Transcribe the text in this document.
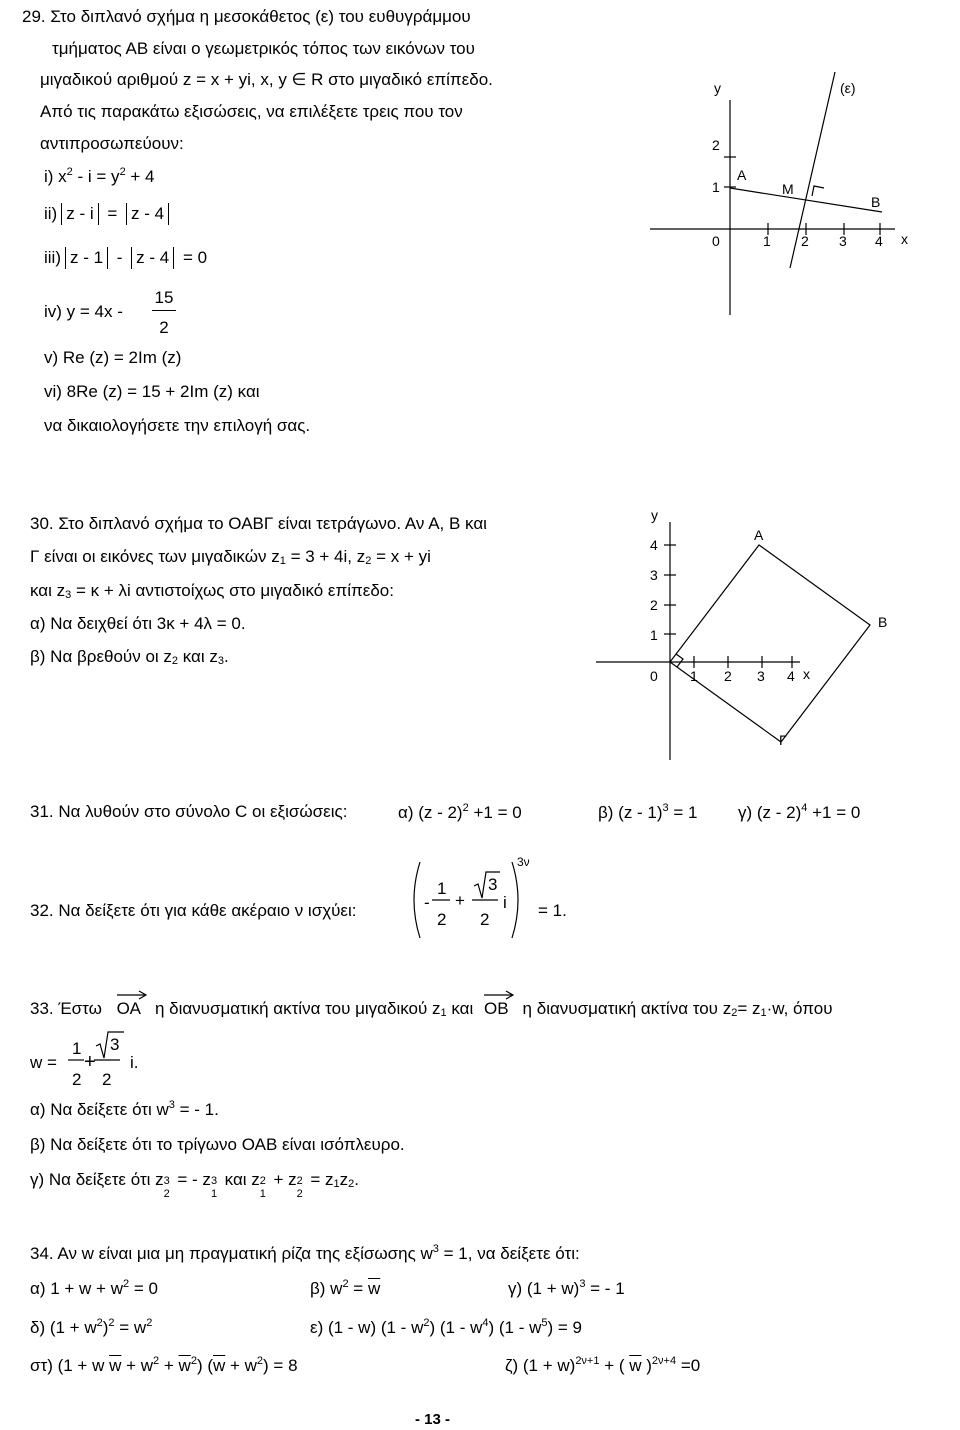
29. Στο διπλανό σχήμα η μεσοκάθετος (ε) του ευθυγράμμου
τμήματος ΑΒ είναι ο γεωμετρικός τόπος των εικόνων του
μιγαδικού αριθμού z = x + yi, x, y ∈ R στο μιγαδικό επίπεδο.
Από τις παρακάτω εξισώσεις, να επιλέξετε τρεις που τον
αντιπροσωπεύουν:
i) $x^2 - i = y^2 + 4$
ii) z - i = z - 4
iii) z - 1 - z - 4 = 0
iv) y = 4x -
15
2
v) Re (z) = 2Im (z)
vi) 8Re (z) = 15 + 2Im (z) και
να δικαιολογήσετε την επιλογή σας.
y	(ε)
2
1
A
M
B
0	1 2 3 4 x
30. Στο διπλανό σχήμα το ΟΑΒΓ είναι τετράγωνο. Αν Α, Β και
Γ είναι οι εικόνες των μιγαδικών z1 = 3 + 4i, z2 = x + yi
και z3 = κ + λi αντιστοίχως στο μιγαδικό επίπεδο:
α) Να δειχθεί ότι 3κ + 4λ = 0.
β) Να βρεθούν οι z2 και z3.
y
4
3
2
1
A
B
Γ
0 1 2 3 4 x
31. Να λυθούν στο σύνολο C οι εξισώσεις:	α) (z - 2)$^2$ +1 = 0	β) (z - 1)$^3$ = 1 γ) (z - 2)$^4$ +1 = 0
32. Να δείξετε ότι για κάθε ακέραιο ν ισχύει:	-
1
2
+
3
2
i
3ν
= 1.
33. Έστω ΟΑ η διανυσματική ακτίνα του μιγαδικού z1 και ΟΒ η διανυσματική ακτίνα του z2= z1·w, όπου
w =
1
2
+
3
2
i.
α) Να δείξετε ότι $w^3$ = - 1.
β) Να δείξετε ότι το τρίγωνο ΟΑΒ είναι ισόπλευρο.
γ) Να δείξετε ότι z 3
2
= - z 3
1
και z 2
1
+ z 2
2
= z1z2.
34. Αν w είναι μια μη πραγματική ρίζα της εξίσωσης $w^3 = 1$, να δείξετε ότι:
α) $1 + w + w^2 = 0$	β) $w^2 = \overline{w}$	γ) $(1 + w)^3$ = - 1
δ) $(1 + w^2)^2 = w^2$	ε) (1 - w) $(1 - w^2)$ $(1 - w^4)$ $(1 - w^5) = 9$
στ) (1 + w $\overline{w} + w^2 + \overline{w}^2$) $(\overline{w} + w^2) = 8$	ζ) $(1 + w)^{2\nu+1}$ + ( $\overline{w}$ )$^{2\nu+4}$ =0
- 13 -
